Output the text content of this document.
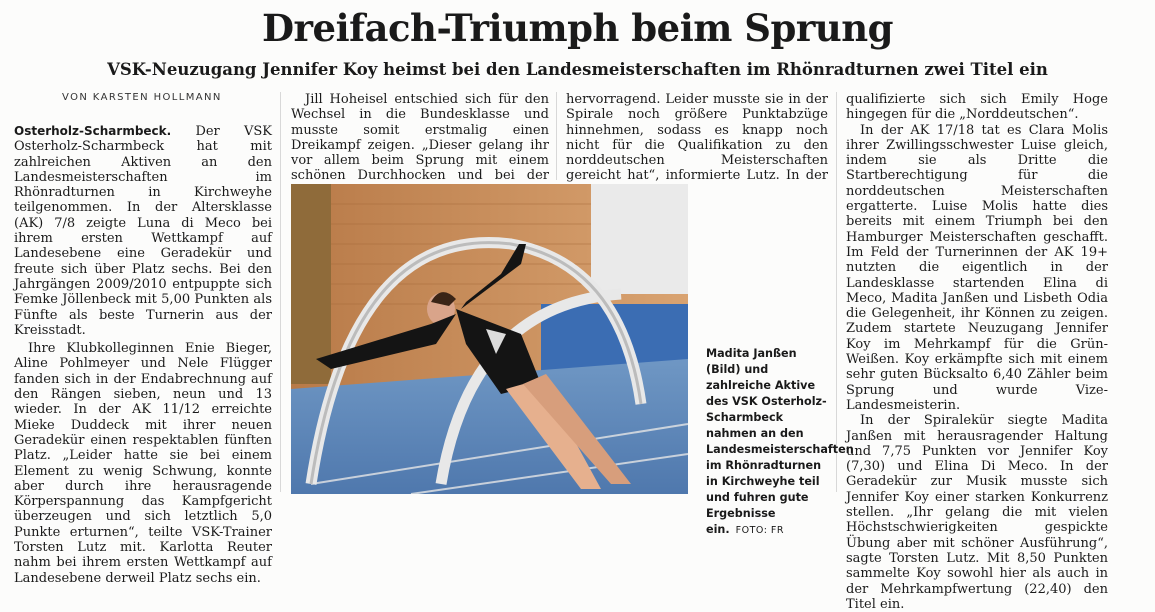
Dreifach-Triumph beim Sprung
VSK-Neuzugang Jennifer Koy heimst bei den Landesmeisterschaften im Rhönradturnen zwei Titel ein
VON KARSTEN HOLLMANN

Osterholz-Scharmbeck. Der VSK Osterholz-Scharmbeck hat mit zahlreichen Aktiven an den Landesmeisterschaften im Rhönradturnen in Kirchweyhe teilgenommen. In der Altersklasse (AK) 7/8 zeigte Luna di Meco bei ihrem ersten Wettkampf auf Landesebene eine Geradekür und freute sich über Platz sechs. Bei den Jahrgängen 2009/2010 entpuppte sich Femke Jöllenbeck mit 5,00 Punkten als Fünfte als beste Turnerin aus der Kreisstadt.

Ihre Klubkolleginnen Enie Bieger, Aline Pohlmeyer und Nele Flügger fanden sich in der Endabrechnung auf den Rängen sieben, neun und 13 wieder. In der AK 11/12 erreichte Mieke Duddeck mit ihrer neuen Geradekür einen respektablen fünften Platz. „Leider hatte sie bei einem Element zu wenig Schwung, konnte aber durch ihre herausragende Körperspannung das Kampfgericht überzeugen und sich letztlich 5,0 Punkte erturnen“, teilte VSK-Trainer Torsten Lutz mit. Karlotta Reuter nahm bei ihrem ersten Wettkampf auf Landesebene derweil Platz sechs ein.

Jill Hoheisel entschied sich für den Wechsel in die Bundesklasse und musste somit erstmalig einen Dreikampf zeigen. „Dieser gelang ihr vor allem beim Sprung mit einem schönen Durchhocken und bei der

hervorragend. Leider musste sie in der Spirale noch größere Punktabzüge hinnehmen, sodass es knapp noch nicht für die Qualifikation zu den norddeutschen Meisterschaften gereicht hat“, informierte Lutz. In der

Madita Janßen (Bild) und zahlreiche Aktive des VSK Osterholz-Scharmbeck nahmen an den Landesmeisterschaften im Rhönradturnen in Kirchweyhe teil und fuhren gute Ergebnisse ein. FOTO: FR

qualifizierte sich sich Emily Hoge hingegen für die „Norddeutschen“.

In der AK 17/18 tat es Clara Molis ihrer Zwillingsschwester Luise gleich, indem sie als Dritte die Startberechtigung für die norddeutschen Meisterschaften ergatterte. Luise Molis hatte dies bereits mit einem Triumph bei den Hamburger Meisterschaften geschafft. Im Feld der Turnerinnen der AK 19+ nutzten die eigentlich in der Landesklasse startenden Elina di Meco, Madita Janßen und Lisbeth Odia die Gelegenheit, ihr Können zu zeigen. Zudem startete Neuzugang Jennifer Koy im Mehrkampf für die Grün-Weißen. Koy erkämpfte sich mit einem sehr guten Bücksalto 6,40 Zähler beim Sprung und wurde Vize-Landesmeisterin.

In der Spiralekür siegte Madita Janßen mit herausragender Haltung und 7,75 Punkten vor Jennifer Koy (7,30) und Elina Di Meco. In der Geradekür zur Musik musste sich Jennifer Koy einer starken Konkurrenz stellen. „Ihr gelang die mit vielen Höchstschwierigkeiten gespickte Übung aber mit schöner Ausführung“, sagte Torsten Lutz. Mit 8,50 Punkten sammelte Koy sowohl hier als auch in der Mehrkampfwertung (22,40) den Titel ein.
